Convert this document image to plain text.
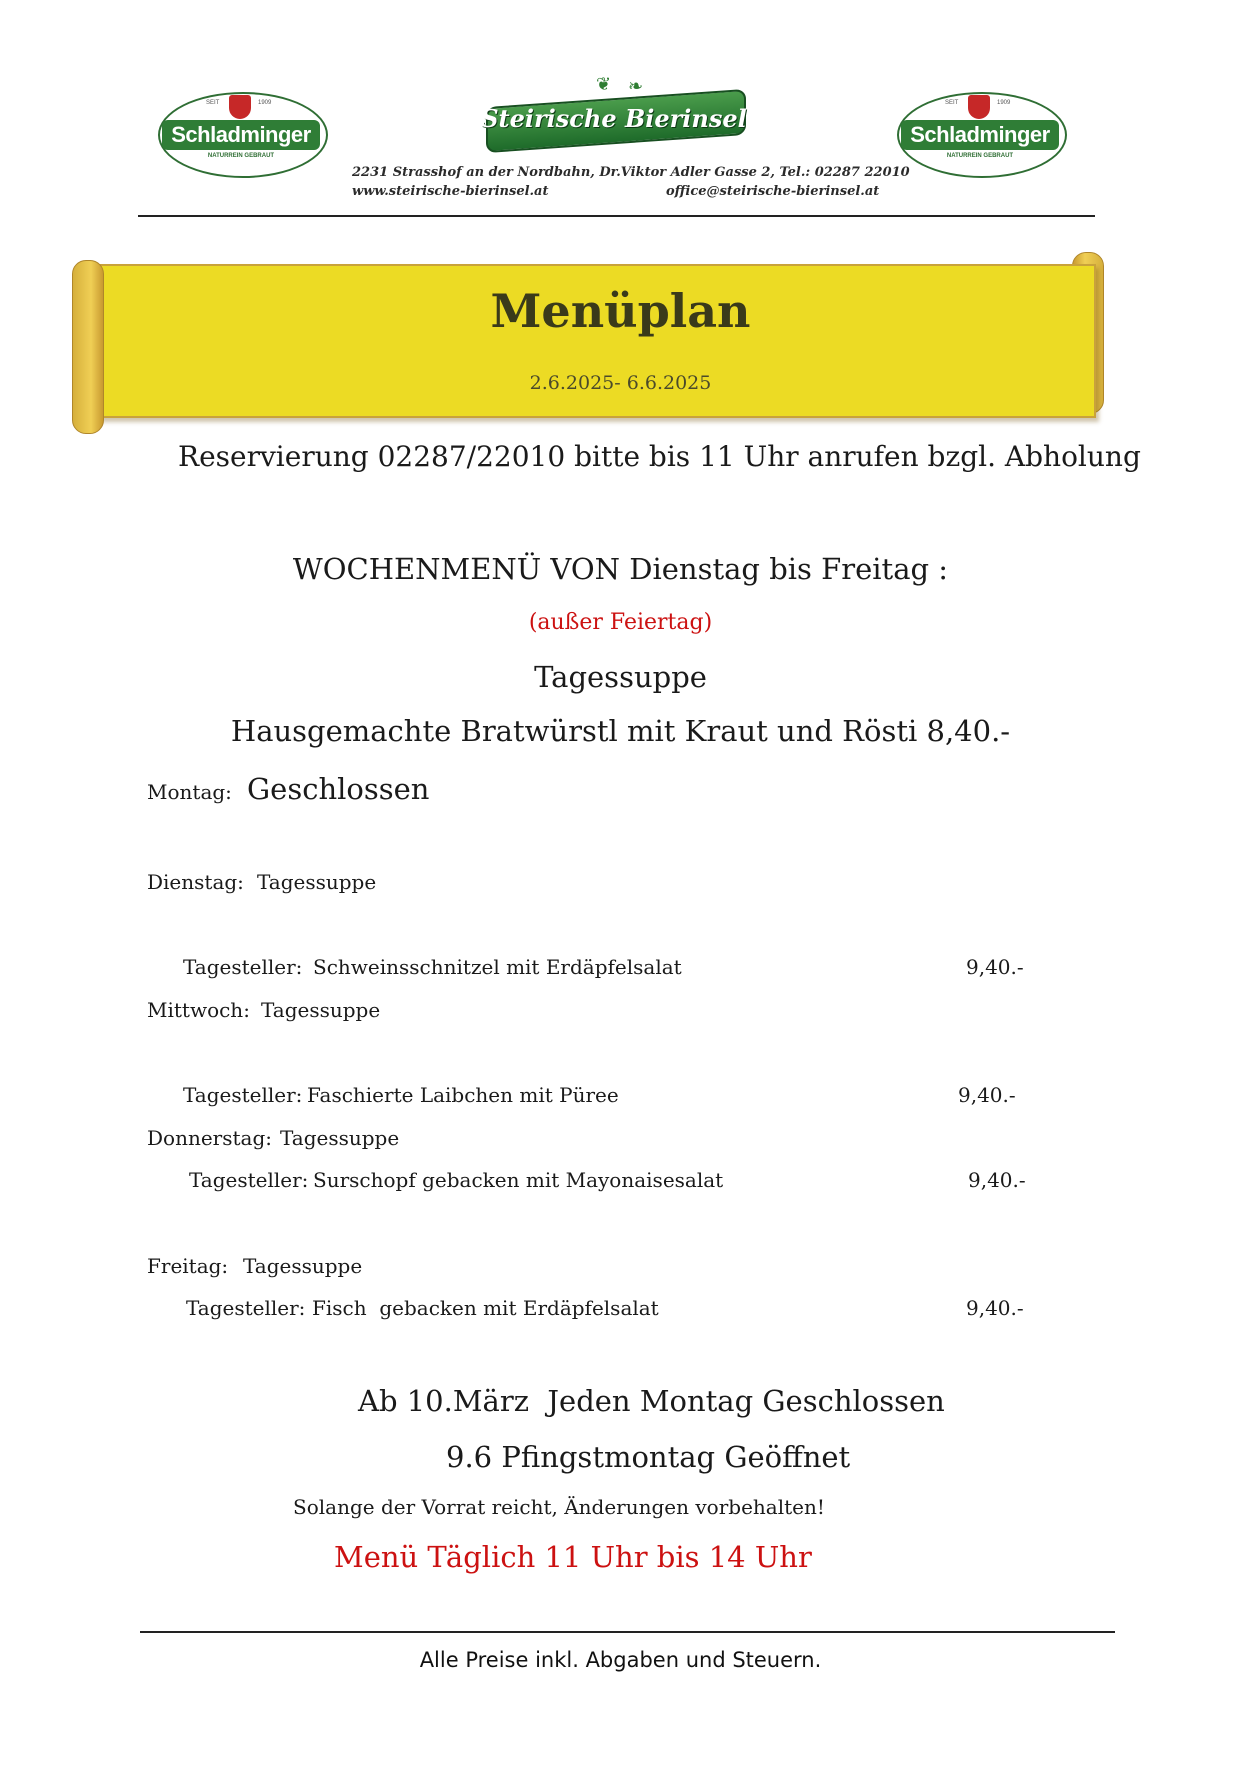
SEIT	1909
Schladminger
NATURREIN GEBRAUT
❦ ❧
Steirische Bierinsel
SEIT	1909
Schladminger
NATURREIN GEBRAUT
2231 Strasshof an der Nordbahn, Dr.Viktor Adler Gasse 2, Tel.: 02287 22010
www.steirische-bierinsel.at	office@steirische-bierinsel.at
Menüplan
2.6.2025- 6.6.2025
Reservierung 02287/22010 bitte bis 11 Uhr anrufen bzgl. Abholung
WOCHENMENÜ VON Dienstag bis Freitag :
(außer Feiertag)
Tagessuppe
Hausgemachte Bratwürstl mit Kraut und Rösti 8,40.-
Montag: Geschlossen
Dienstag: Tagessuppe
Tagesteller: Schweinsschnitzel mit Erdäpfelsalat	9,40.-
Mittwoch: Tagessuppe
Tagesteller: Faschierte Laibchen mit Püree	9,40.-
Donnerstag: Tagessuppe
Tagesteller: Surschopf gebacken mit Mayonaisesalat	9,40.-
Freitag: Tagessuppe
Tagesteller: Fisch  gebacken mit Erdäpfelsalat	9,40.-
Ab 10.März  Jeden Montag Geschlossen
9.6 Pfingstmontag Geöffnet
Solange der Vorrat reicht, Änderungen vorbehalten!
Menü Täglich 11 Uhr bis 14 Uhr
Alle Preise inkl. Abgaben und Steuern.
